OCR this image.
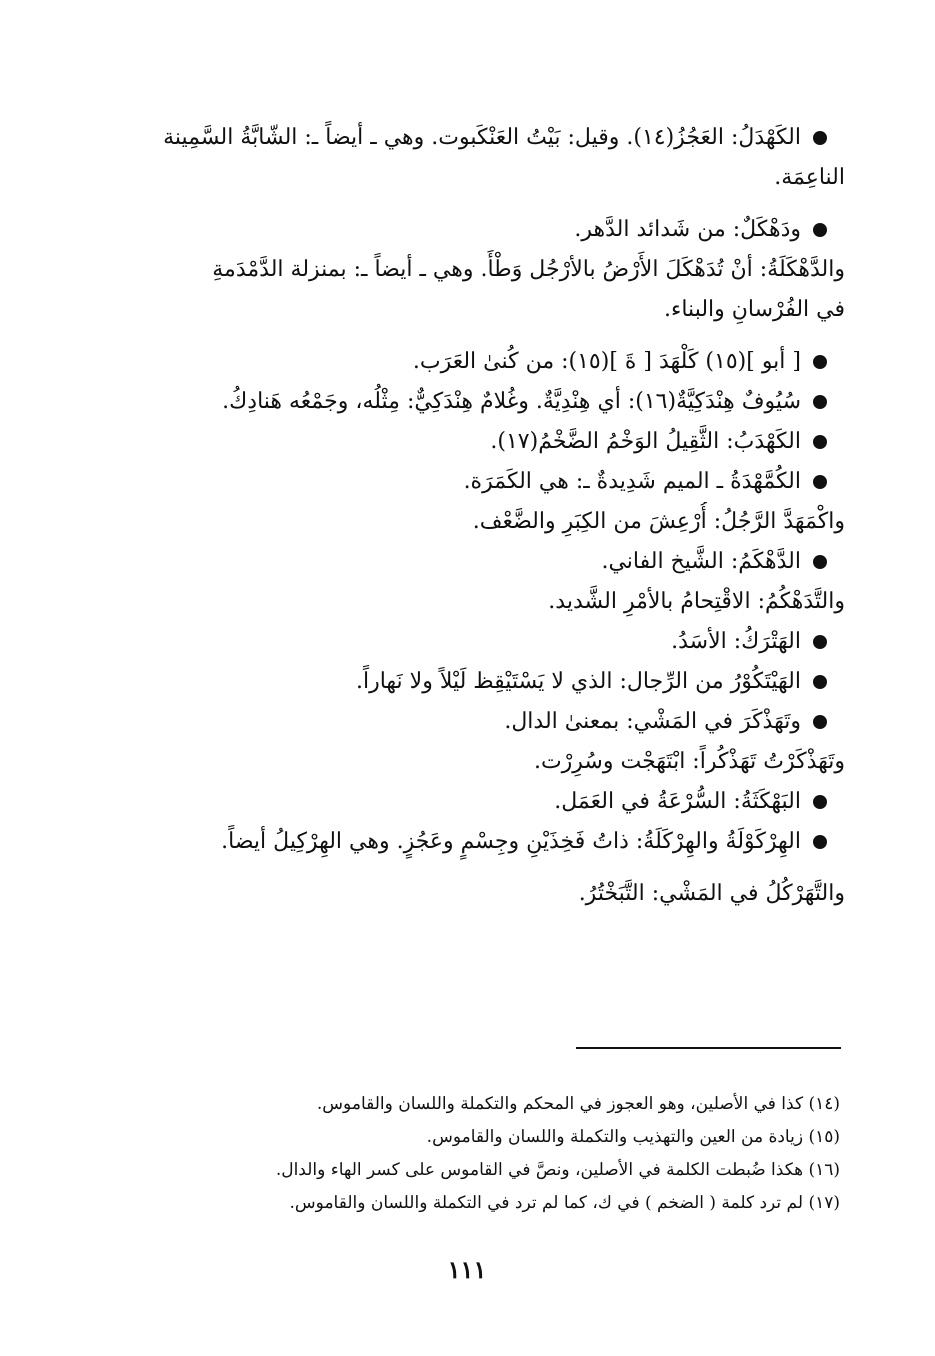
الكَهْدَلُ: العَجُزُ(١٤). وقيل: بَيْتُ العَنْكَبوت. وهي ـ أيضاً ـ: الشّابَّةُ السَّمِينة
الناعِمَة.
ودَهْكَلٌ: من شَدائد الدَّهر.
والدَّهْكَلَةُ: أنْ تُدَهْكَلَ الأَرْضُ بالأرْجُل وَطْأً. وهي ـ أيضاً ـ: بمنزلة الدَّمْدَمةِ
في الفُرْسانِ والبناء.
[ أبو ](١٥) كَلْهَدَ [ ةَ ](١٥): من كُنىٰ العَرَب.
سُيُوفٌ هِنْدَكِيَّةٌ(١٦): أي هِنْدِيَّةٌ. وغُلامٌ هِنْدَكِيٌّ: مِثْلُه، وجَمْعُه هَنادِكُ.
الكَهْدَبُ: الثَّقِيلُ الوَخْمُ الضَّخْمُ(١٧).
الكُمَّهْدَةُ ـ الميم شَدِيدةٌ ـ: هي الكَمَرَة.
واكْمَهَدَّ الرَّجُلُ: أُرْعِشَ من الكِبَرِ والضَّعْف.
الدَّهْكَمُ: الشَّيخ الفاني.
والتَّدَهْكُمُ: الاقْتِحامُ بالأمْرِ الشَّديد.
الهَتْرَكُ: الأسَدُ.
الهَيْتَكُوْرُ من الرِّجال: الذي لا يَسْتَيْقِظ لَيْلاً ولا نَهاراً.
وتَهَذْكَرَ في المَشْي: بمعنىٰ الدال.
وتَهَذْكَرْتُ تَهَذْكُراً: ابْتَهَجْت وسُرِرْت.
البَهْكَثَةُ: السُّرْعَةُ في العَمَل.
الهِرْكَوْلَةُ والهِرْكَلَةُ: ذاتُ فَخِذَيْنِ وجِسْمٍ وعَجُزٍ. وهي الهِرْكِيلُ أيضاً.
والتَّهَرْكُلُ في المَشْي: التَّبَخْتُرُ.
(١٤) كذا في الأصلين، وهو العجوز في المحكم والتكملة واللسان والقاموس.
(١٥) زيادة من العين والتهذيب والتكملة واللسان والقاموس.
(١٦) هكذا ضُبطت الكلمة في الأصلين، ونصَّ في القاموس على كسر الهاء والدال.
(١٧) لم ترد كلمة ( الضخم ) في ك، كما لم ترد في التكملة واللسان والقاموس.
١١١
